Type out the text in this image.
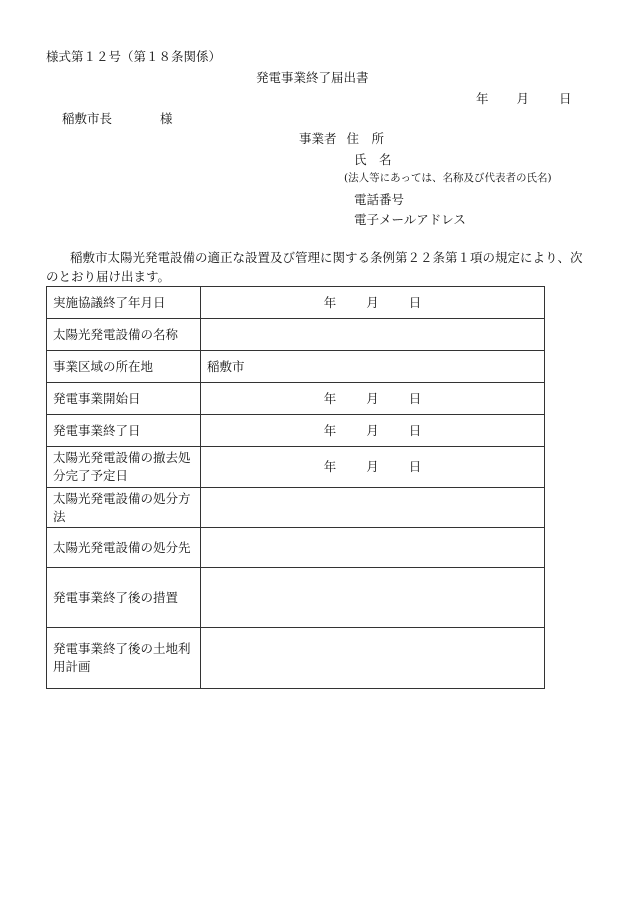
様式第１２号（第１８条関係）
発電事業終了届出書
年 月 日
稲敷市長	様
事業者 住　所
氏　名
(法人等にあっては、名称及び代表者の氏名)
電話番号
電子メールアドレス
稲敷市太陽光発電設備の適正な設置及び管理に関する条例第２２条第１項の規定により、次のとおり届け出ます。
実施協議終了年月日	年 月 日
太陽光発電設備の名称	
事業区域の所在地	稲敷市
発電事業開始日	年 月 日
発電事業終了日	年 月 日
太陽光発電設備の撤去処分完了予定日	年 月 日
太陽光発電設備の処分方法	
太陽光発電設備の処分先	
発電事業終了後の措置	
発電事業終了後の土地利用計画	
